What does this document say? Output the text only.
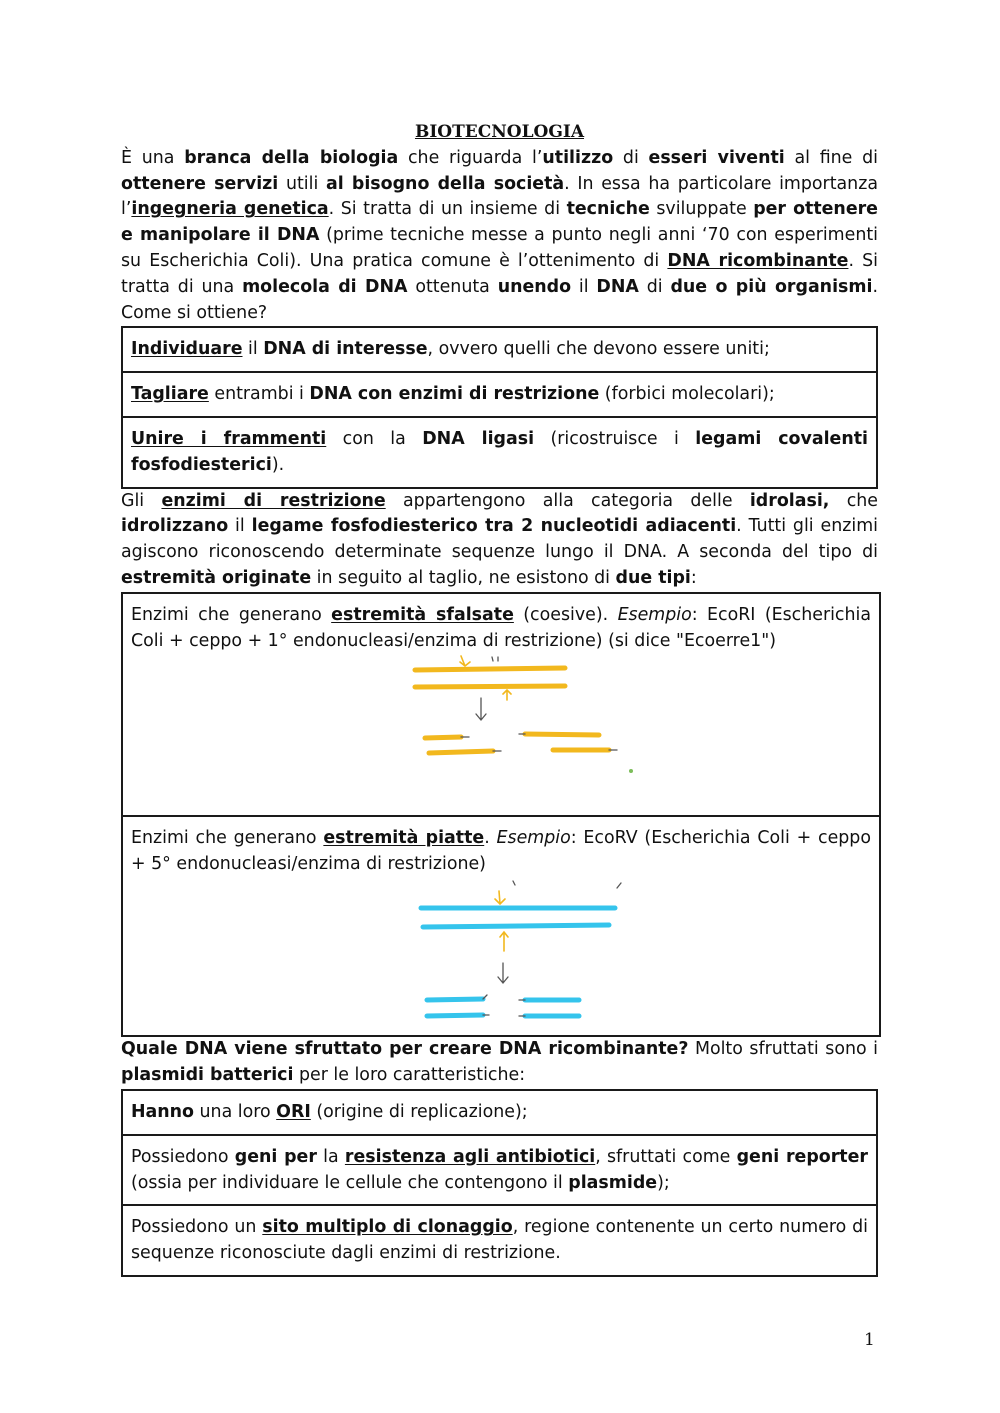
BIOTECNOLOGIA

È una branca della biologia che riguarda l’utilizzo di esseri viventi al fine di ottenere servizi utili al bisogno della società. In essa ha particolare importanza l’ingegneria genetica. Si tratta di un insieme di tecniche sviluppate per ottenere e manipolare il DNA (prime tecniche messe a punto negli anni ‘70 con esperimenti su Escherichia Coli). Una pratica comune è l’ottenimento di DNA ricombinante. Si tratta di una molecola di DNA ottenuta unendo il DNA di due o più organismi. Come si ottiene?

Individuare il DNA di interesse, ovvero quelli che devono essere uniti;
Tagliare entrambi i DNA con enzimi di restrizione (forbici molecolari);
Unire i frammenti con la DNA ligasi (ricostruisce i legami covalenti fosfodiesterici).

Gli enzimi di restrizione appartengono alla categoria delle idrolasi, che idrolizzano il legame fosfodiesterico tra 2 nucleotidi adiacenti. Tutti gli enzimi agiscono riconoscendo determinate sequenze lungo il DNA. A seconda del tipo di estremità originate in seguito al taglio, ne esistono di due tipi:

Enzimi che generano estremità sfalsate (coesive). Esempio: EcoRI (Escherichia Coli + ceppo + 1° endonucleasi/enzima di restrizione) (si dice "Ecoerre1")

Enzimi che generano estremità piatte. Esempio: EcoRV (Escherichia Coli + ceppo + 5° endonucleasi/enzima di restrizione)

Quale DNA viene sfruttato per creare DNA ricombinante? Molto sfruttati sono i plasmidi batterici per le loro caratteristiche:

Hanno una loro ORI (origine di replicazione);
Possiedono geni per la resistenza agli antibiotici, sfruttati come geni reporter (ossia per individuare le cellule che contengono il plasmide);
Possiedono un sito multiplo di clonaggio, regione contenente un certo numero di sequenze riconosciute dagli enzimi di restrizione.
1
